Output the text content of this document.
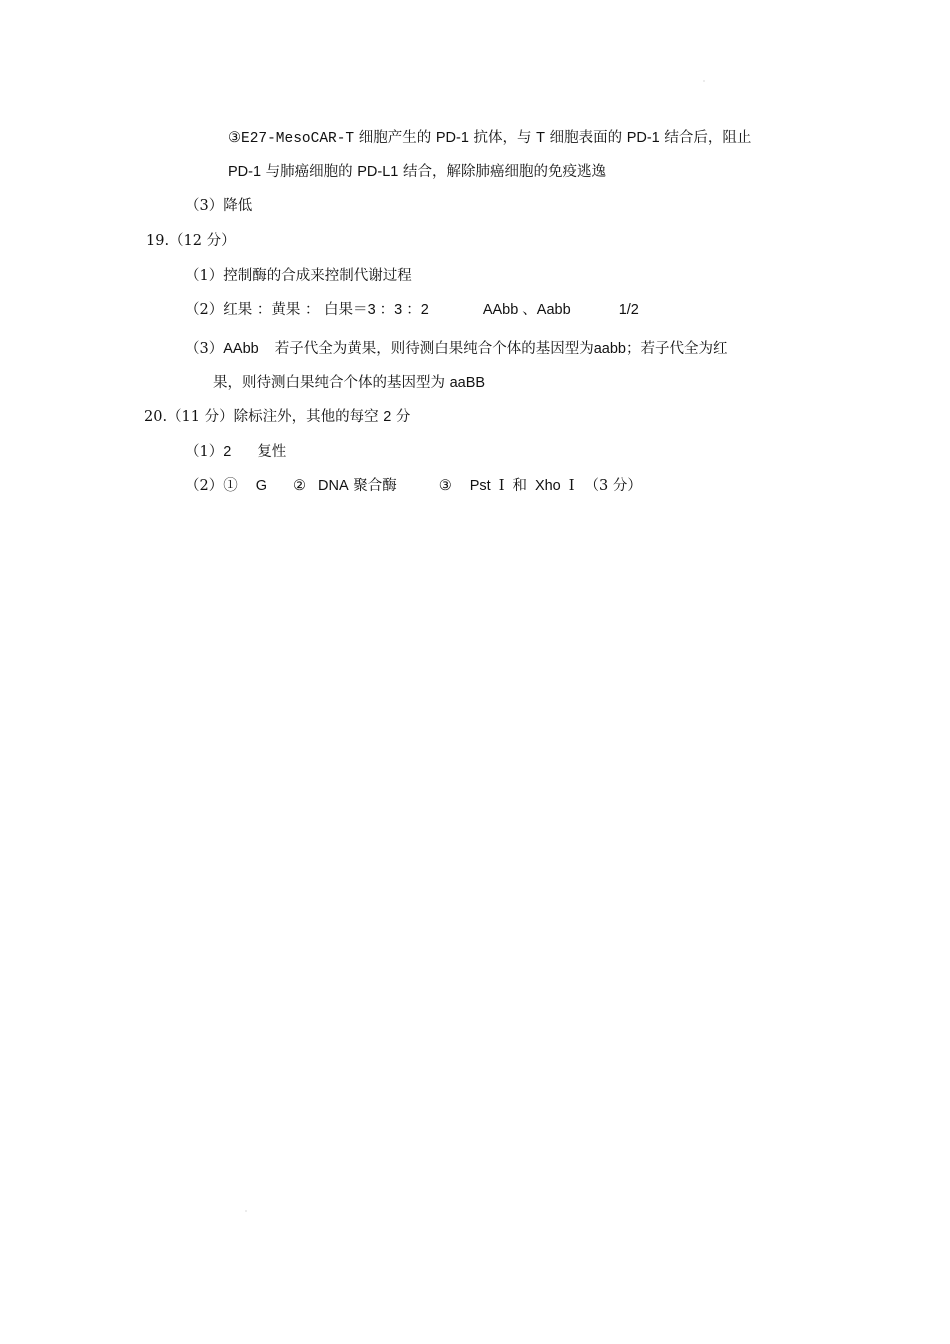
③E27-MesoCAR-T 细胞产生的 PD-1 抗体，与 T 细胞表面的 PD-1 结合后，阻止
PD-1 与肺癌细胞的 PD-L1 结合，解除肺癌细胞的免疫逃逸
（3）降低
19.（12 分）
（1）控制酶的合成来控制代谢过程
（2）红果 ：黄果 ： 白果＝3 ：3 ：2	AAbb 、Aabb	1/2
（3）AAbb 若子代全为黄果，则待测白果纯合个体的基因型为aabb；若子代全为红
果，则待测白果纯合个体的基因型为 aaBB
20.（11 分）除标注外，其他的每空 2 分
（1）2 复性
（2）① G ② DNA 聚合酶	③ Pst Ⅰ 和 Xho Ⅰ （3 分）
